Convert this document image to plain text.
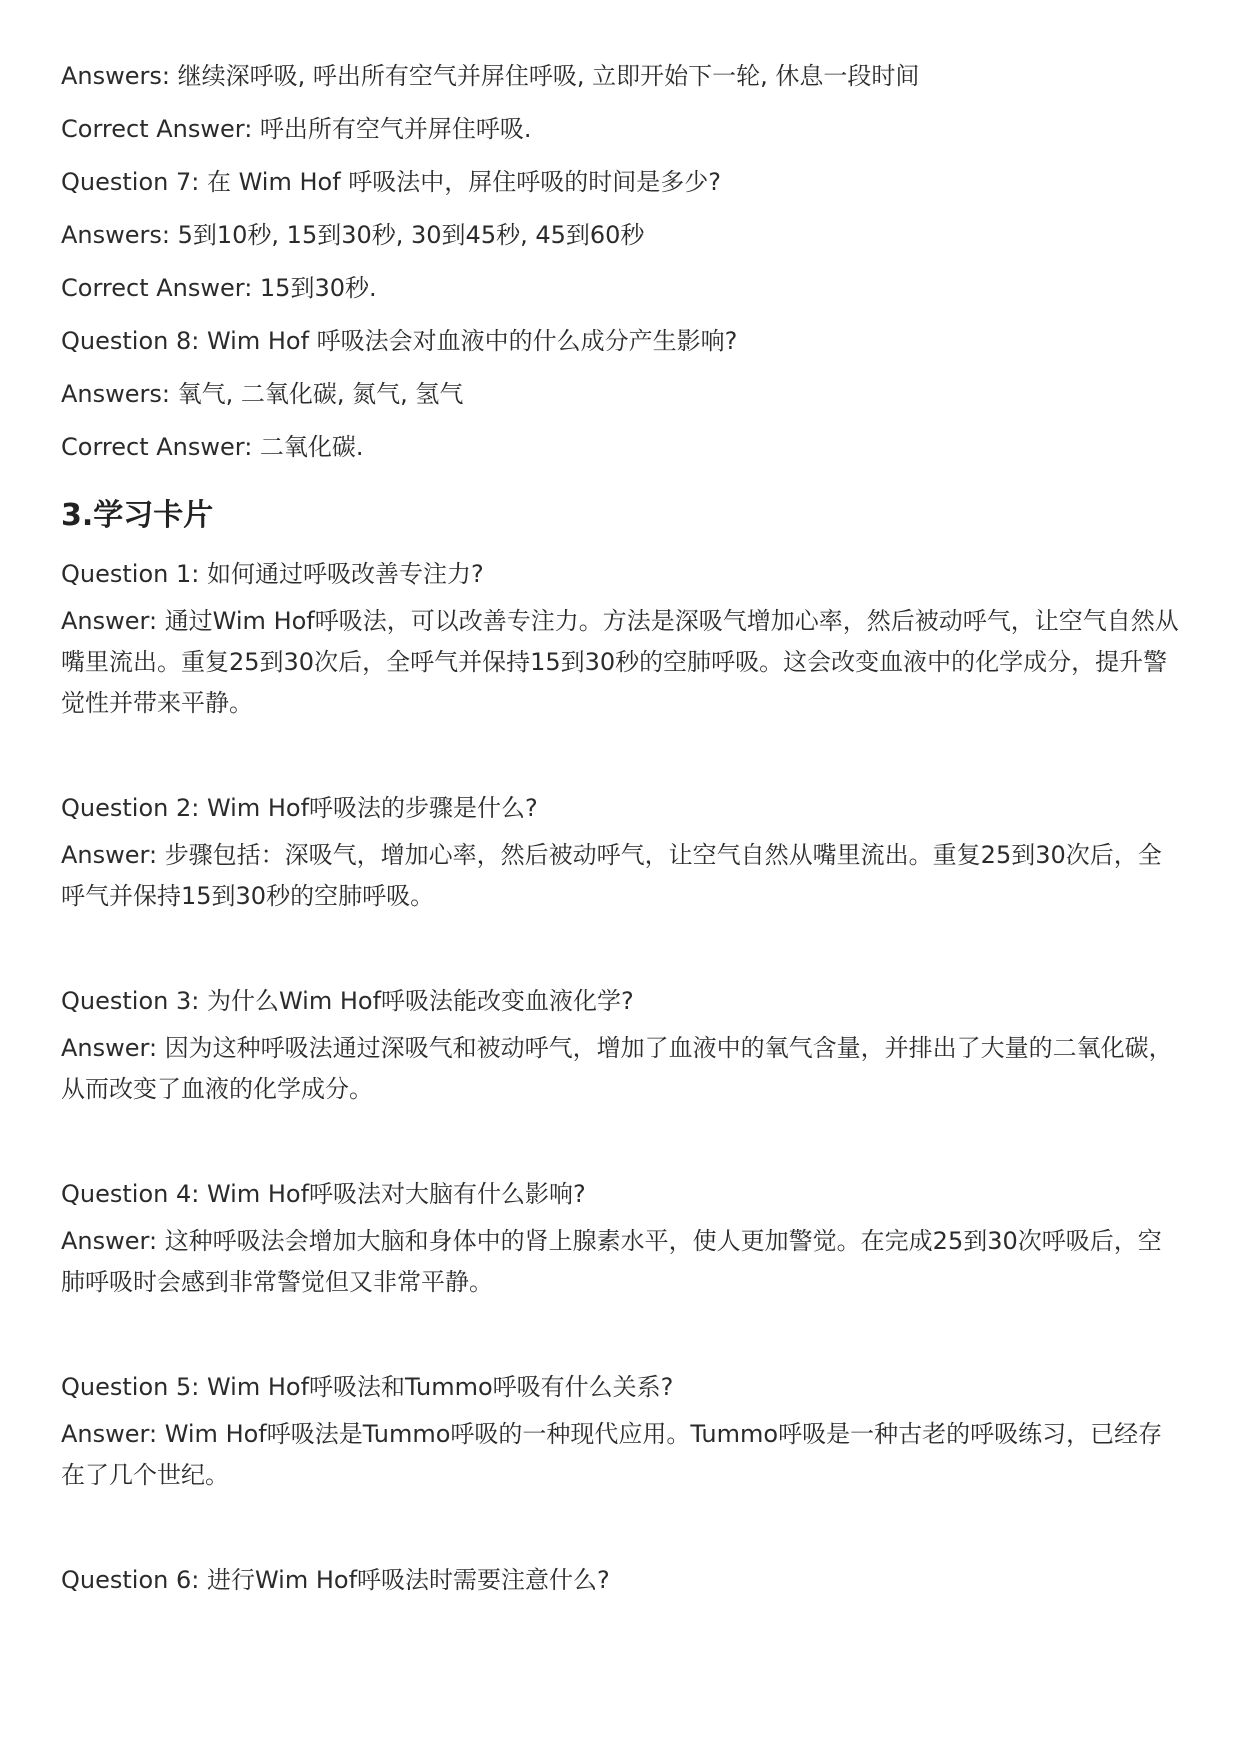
Answers: 继续深呼吸, 呼出所有空气并屏住呼吸, 立即开始下一轮, 休息一段时间

Correct Answer: 呼出所有空气并屏住呼吸.

Question 7: 在 Wim Hof 呼吸法中，屏住呼吸的时间是多少?

Answers: 5到10秒, 15到30秒, 30到45秒, 45到60秒

Correct Answer: 15到30秒.

Question 8: Wim Hof 呼吸法会对血液中的什么成分产生影响?

Answers: 氧气, 二氧化碳, 氮气, 氢气

Correct Answer: 二氧化碳.

3.学习卡片

Question 1: 如何通过呼吸改善专注力?

Answer: 通过Wim Hof呼吸法，可以改善专注力。方法是深吸气增加心率，然后被动呼气，让空气自然从嘴里流出。重复25到30次后，全呼气并保持15到30秒的空肺呼吸。这会改变血液中的化学成分，提升警觉性并带来平静。

Question 2: Wim Hof呼吸法的步骤是什么?

Answer: 步骤包括：深吸气，增加心率，然后被动呼气，让空气自然从嘴里流出。重复25到30次后，全呼气并保持15到30秒的空肺呼吸。

Question 3: 为什么Wim Hof呼吸法能改变血液化学?

Answer: 因为这种呼吸法通过深吸气和被动呼气，增加了血液中的氧气含量，并排出了大量的二氧化碳，从而改变了血液的化学成分。

Question 4: Wim Hof呼吸法对大脑有什么影响?

Answer: 这种呼吸法会增加大脑和身体中的肾上腺素水平，使人更加警觉。在完成25到30次呼吸后，空肺呼吸时会感到非常警觉但又非常平静。

Question 5: Wim Hof呼吸法和Tummo呼吸有什么关系?

Answer: Wim Hof呼吸法是Tummo呼吸的一种现代应用。Tummo呼吸是一种古老的呼吸练习，已经存在了几个世纪。

Question 6: 进行Wim Hof呼吸法时需要注意什么?
